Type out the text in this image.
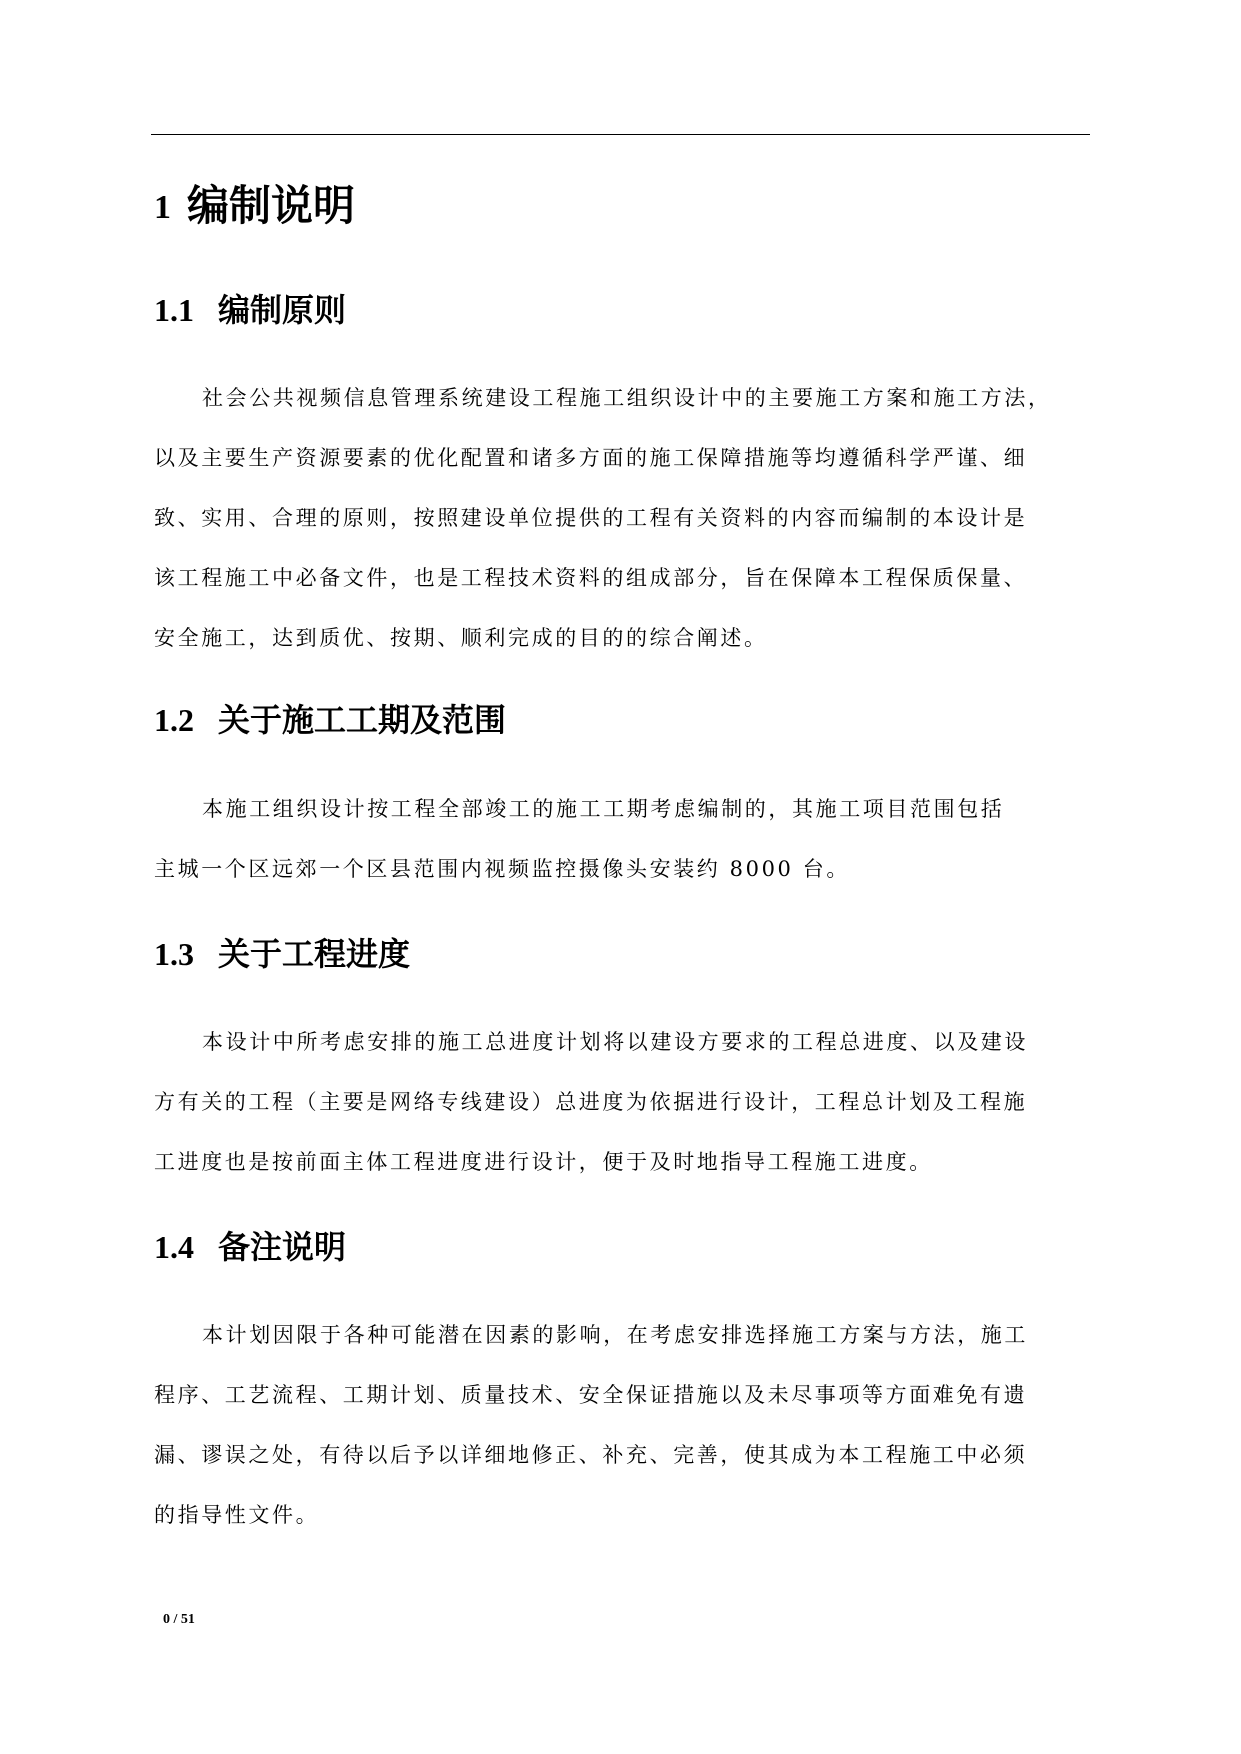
1 编制说明
1.1 编制原则
社会公共视频信息管理系统建设工程施工组织设计中的主要施工方案和施工方法，
以及主要生产资源要素的优化配置和诸多方面的施工保障措施等均遵循科学严谨、细
致、实用、合理的原则，按照建设单位提供的工程有关资料的内容而编制的本设计是
该工程施工中必备文件，也是工程技术资料的组成部分，旨在保障本工程保质保量、
安全施工，达到质优、按期、顺利完成的目的的综合阐述。
1.2 关于施工工期及范围
本施工组织设计按工程全部竣工的施工工期考虑编制的，其施工项目范围包括
主城一个区远郊一个区县范围内视频监控摄像头安装约 8000 台。
1.3 关于工程进度
本设计中所考虑安排的施工总进度计划将以建设方要求的工程总进度、以及建设
方有关的工程（主要是网络专线建设）总进度为依据进行设计，工程总计划及工程施
工进度也是按前面主体工程进度进行设计，便于及时地指导工程施工进度。
1.4 备注说明
本计划因限于各种可能潜在因素的影响，在考虑安排选择施工方案与方法，施工
程序、工艺流程、工期计划、质量技术、安全保证措施以及未尽事项等方面难免有遗
漏、谬误之处，有待以后予以详细地修正、补充、完善，使其成为本工程施工中必须
的指导性文件。
0 / 51
